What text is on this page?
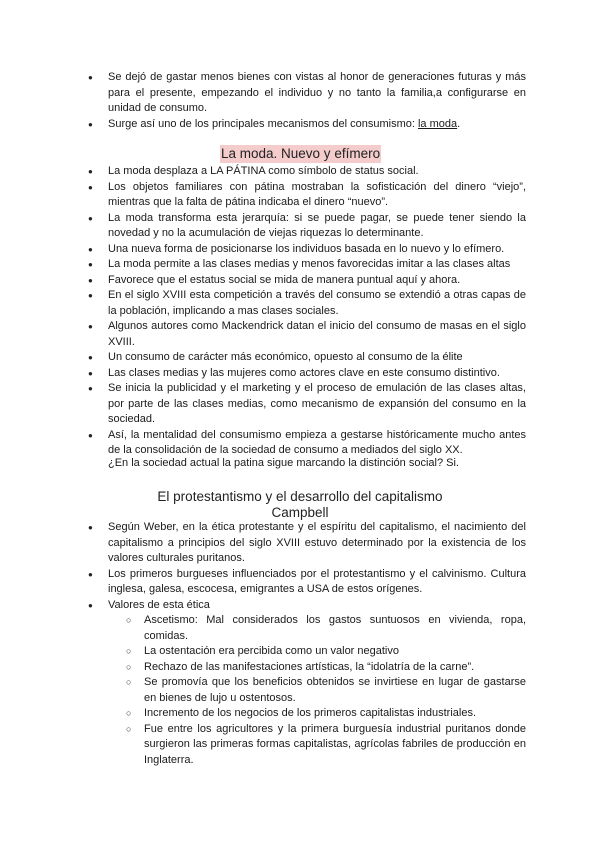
● Se dejó de gastar menos bienes con vistas al honor de generaciones futuras y más para el presente, empezando el individuo y no tanto la familia,a configurarse en unidad de consumo.
● Surge así uno de los principales mecanismos del consumismo: la moda.
La moda. Nuevo y efímero
● La moda desplaza a LA PÁTINA como símbolo de status social.
● Los objetos familiares con pátina mostraban la sofisticación del dinero “viejo”, mientras que la falta de pátina indicaba el dinero “nuevo”.
● La moda transforma esta jerarquía: si se puede pagar, se puede tener siendo la novedad y no la acumulación de viejas riquezas lo determinante.
● Una nueva forma de posicionarse los individuos basada en lo nuevo y lo efímero.
● La moda permite a las clases medias y menos favorecidas imitar a las clases altas
● Favorece que el estatus social se mida de manera puntual aquí y ahora.
● En el siglo XVIII esta competición a través del consumo se extendió a otras capas de la población, implicando a mas clases sociales.
● Algunos autores como Mackendrick datan el inicio del consumo de masas en el siglo XVIII.
● Un consumo de carácter más económico, opuesto al consumo de la élite
● Las clases medias y las mujeres como actores clave en este consumo distintivo.
● Se inicia la publicidad y el marketing y el proceso de emulación de las clases altas, por parte de las clases medias, como mecanismo de expansión del consumo en la sociedad.
● Así, la mentalidad del consumismo empieza a gestarse históricamente mucho antes de la consolidación de la sociedad de consumo a mediados del siglo XX.
¿En la sociedad actual la patina sigue marcando la distinción social? Si.
El protestantismo y el desarrollo del capitalismo
Campbell
● Según Weber, en la ética protestante y el espíritu del capitalismo, el nacimiento del capitalismo a principios del siglo XVIII estuvo determinado por la existencia de los valores culturales puritanos.
● Los primeros burgueses influenciados por el protestantismo y el calvinismo. Cultura inglesa, galesa, escocesa, emigrantes a USA de estos orígenes.
● Valores de esta ética
○ Ascetismo: Mal considerados los gastos suntuosos en vivienda, ropa, comidas.
○ La ostentación era percibida como un valor negativo
○ Rechazo de las manifestaciones artísticas, la “idolatría de la carne”.
○ Se promovía que los beneficios obtenidos se invirtiese en lugar de gastarse en bienes de lujo u ostentosos.
○ Incremento de los negocios de los primeros capitalistas industriales.
○ Fue entre los agricultores y la primera burguesía industrial puritanos donde surgieron las primeras formas capitalistas, agrícolas fabriles de producción en Inglaterra.
